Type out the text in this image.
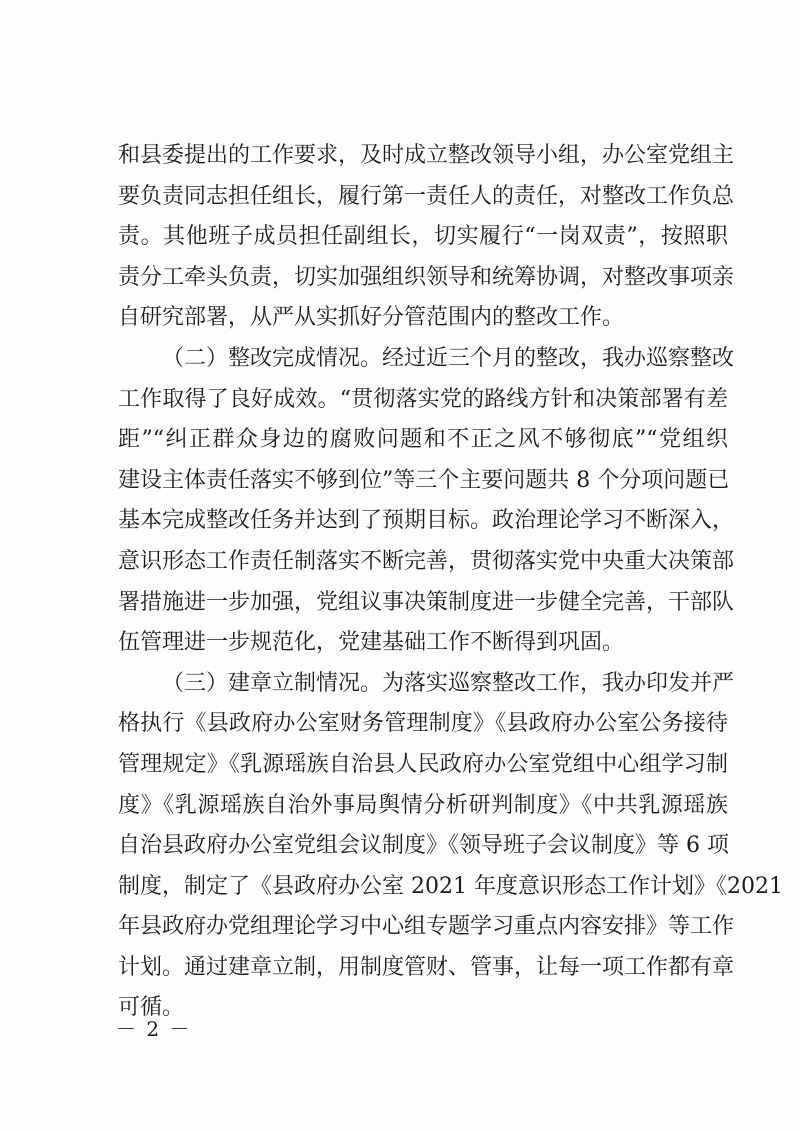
和县委提出的工作要求，及时成立整改领导小组，办公室党组主
要负责同志担任组长，履行第一责任人的责任，对整改工作负总
责。其他班子成员担任副组长，切实履行“一岗双责”，按照职
责分工牵头负责，切实加强组织领导和统筹协调，对整改事项亲
自研究部署，从严从实抓好分管范围内的整改工作。
（二）整改完成情况。经过近三个月的整改，我办巡察整改
工作取得了良好成效。“贯彻落实党的路线方针和决策部署有差
距”“纠正群众身边的腐败问题和不正之风不够彻底”“党组织
建设主体责任落实不够到位”等三个主要问题共 8 个分项问题已
基本完成整改任务并达到了预期目标。政治理论学习不断深入，
意识形态工作责任制落实不断完善，贯彻落实党中央重大决策部
署措施进一步加强，党组议事决策制度进一步健全完善，干部队
伍管理进一步规范化，党建基础工作不断得到巩固。
（三）建章立制情况。为落实巡察整改工作，我办印发并严
格执行《县政府办公室财务管理制度》《县政府办公室公务接待
管理规定》《乳源瑶族自治县人民政府办公室党组中心组学习制
度》《乳源瑶族自治外事局舆情分析研判制度》《中共乳源瑶族
自治县政府办公室党组会议制度》《领导班子会议制度》等 6 项
制度，制定了《县政府办公室 2021 年度意识形态工作计划》《2021
年县政府办党组理论学习中心组专题学习重点内容安排》等工作
计划。通过建章立制，用制度管财、管事，让每一项工作都有章
可循。
－ 2 －
